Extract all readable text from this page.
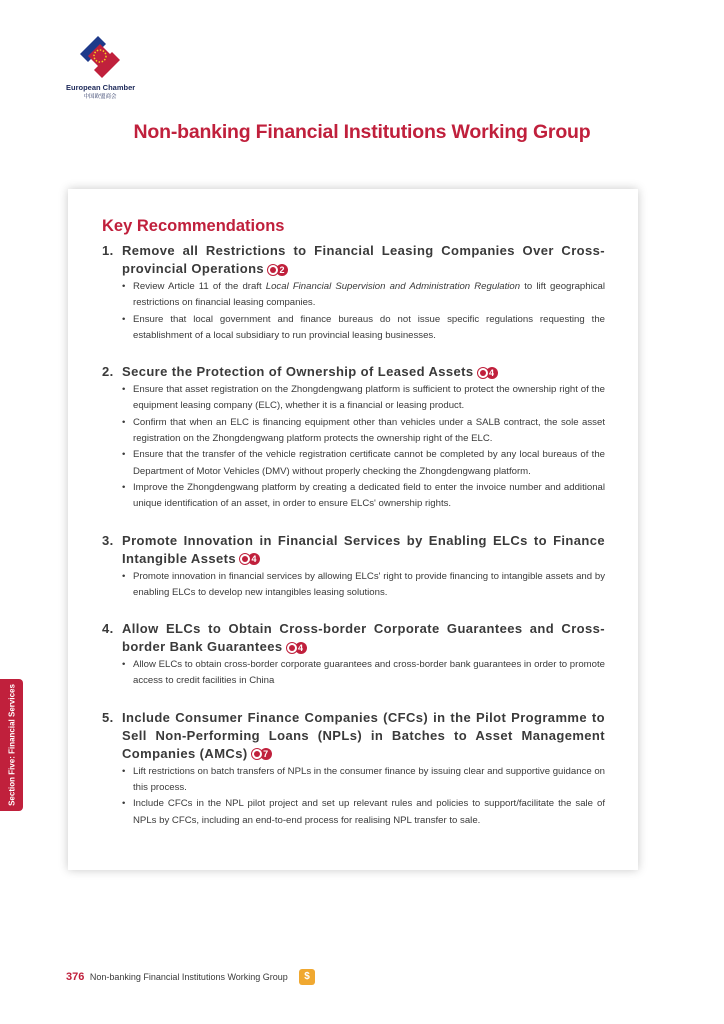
European Chamber
中国欧盟商会
Non-banking Financial Institutions Working Group
Key Recommendations
1. Remove all Restrictions to Financial Leasing Companies Over Cross-provincial Operations 2
• Review Article 11 of the draft Local Financial Supervision and Administration Regulation to lift geographical restrictions on financial leasing companies.
• Ensure that local government and finance bureaus do not issue specific regulations requesting the establishment of a local subsidiary to run provincial leasing businesses.
2. Secure the Protection of Ownership of Leased Assets 4
• Ensure that asset registration on the Zhongdengwang platform is sufficient to protect the ownership right of the equipment leasing company (ELC), whether it is a financial or leasing product.
• Confirm that when an ELC is financing equipment other than vehicles under a SALB contract, the sole asset registration on the Zhongdengwang platform protects the ownership right of the ELC.
• Ensure that the transfer of the vehicle registration certificate cannot be completed by any local bureaus of the Department of Motor Vehicles (DMV) without properly checking the Zhongdengwang platform.
• Improve the Zhongdengwang platform by creating a dedicated field to enter the invoice number and additional unique identification of an asset, in order to ensure ELCs' ownership rights.
3. Promote Innovation in Financial Services by Enabling ELCs to Finance Intangible Assets 4
• Promote innovation in financial services by allowing ELCs' right to provide financing to intangible assets and by enabling ELCs to develop new intangibles leasing solutions.
4. Allow ELCs to Obtain Cross-border Corporate Guarantees and Cross-border Bank Guarantees 4
• Allow ELCs to obtain cross-border corporate guarantees and cross-border bank guarantees in order to promote access to credit facilities in China
5. Include Consumer Finance Companies (CFCs) in the Pilot Programme to Sell Non-Performing Loans (NPLs) in Batches to Asset Management Companies (AMCs) 7
• Lift restrictions on batch transfers of NPLs in the consumer finance by issuing clear and supportive guidance on this process.
• Include CFCs in the NPL pilot project and set up relevant rules and policies to support/facilitate the sale of NPLs by CFCs, including an end-to-end process for realising NPL transfer to sale.
Section Five: Financial Services
376 Non-banking Financial Institutions Working Group	$
